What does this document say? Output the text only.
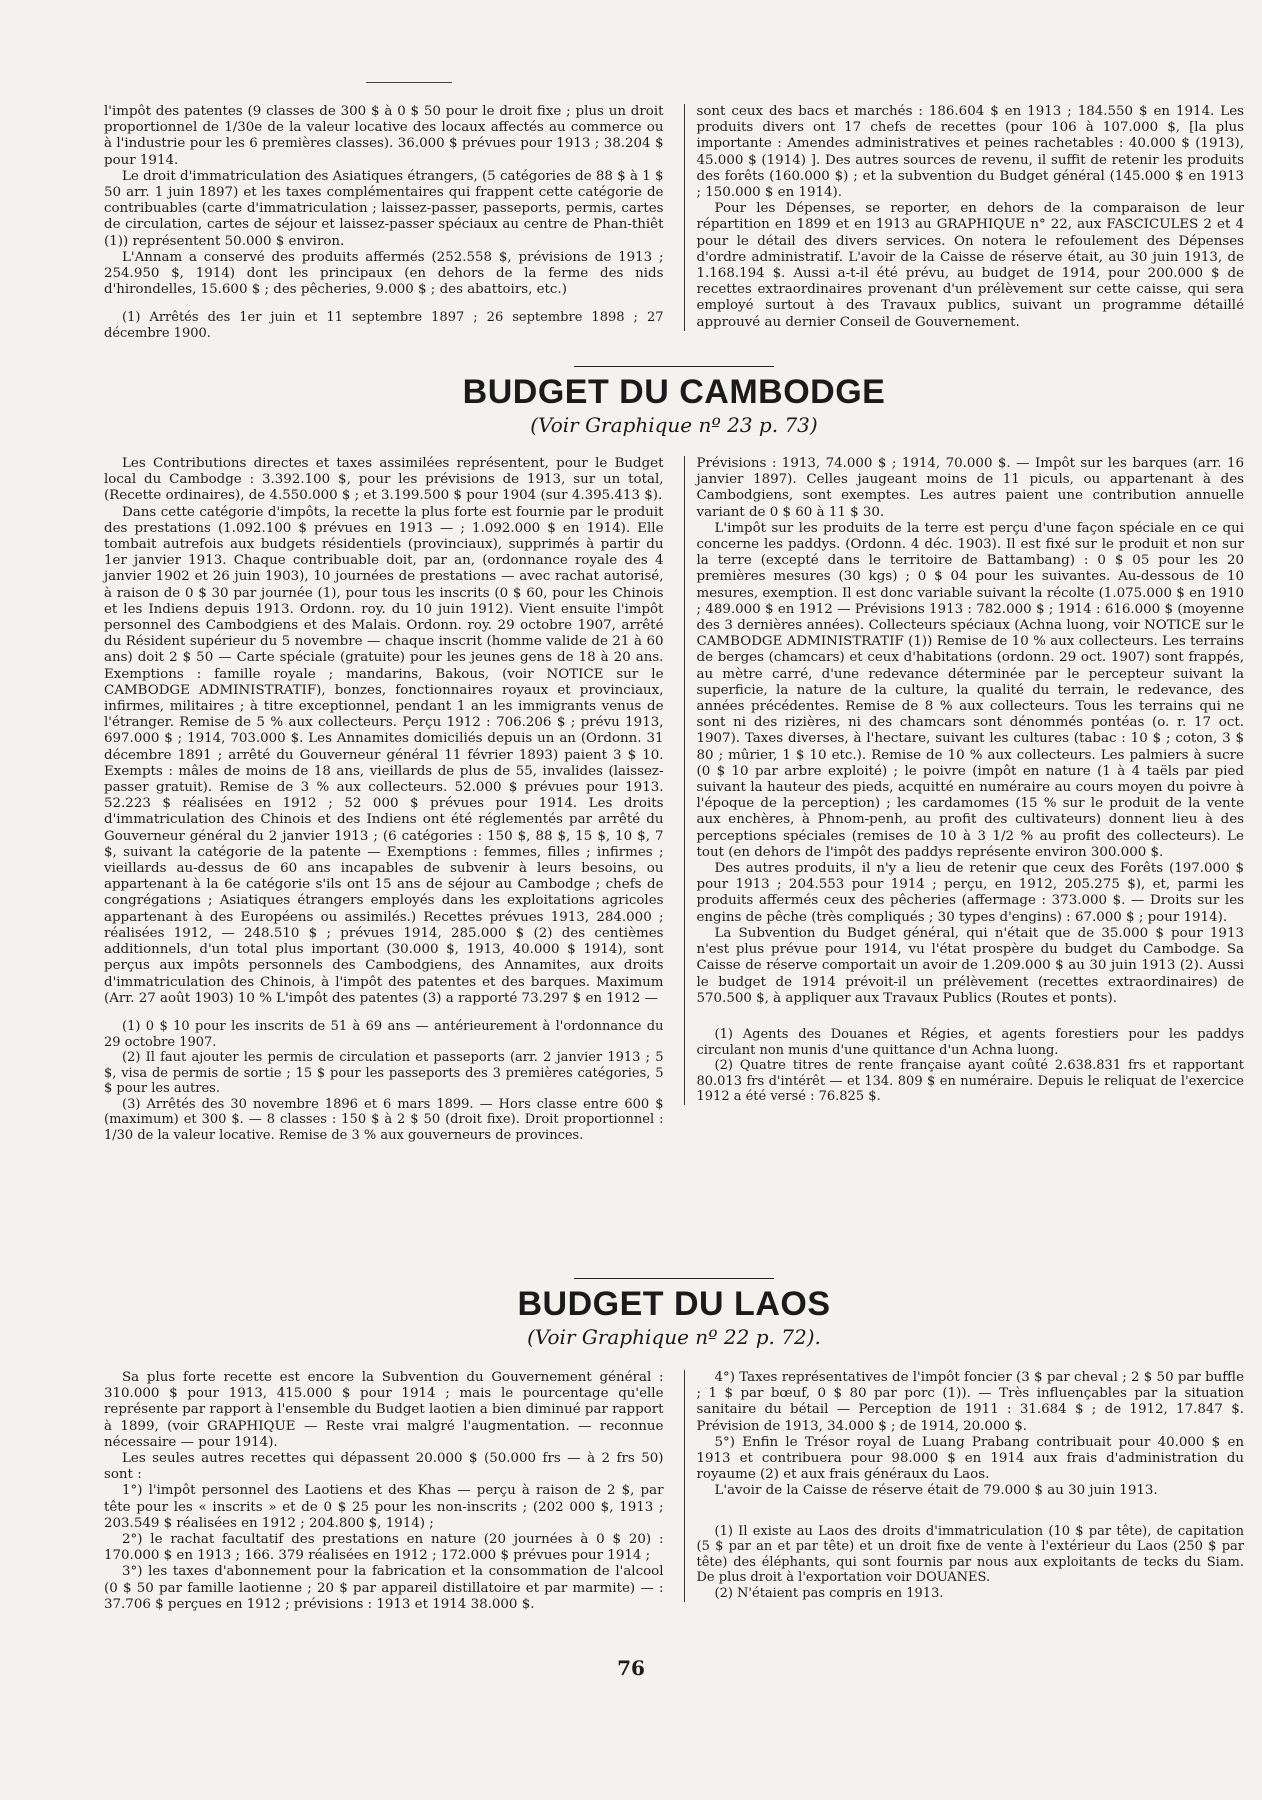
l'impôt des patentes (9 classes de 300 $ à 0 $ 50 pour le droit fixe ; plus un droit proportionnel de 1/30e de la valeur locative des locaux affectés au commerce ou à l'industrie pour les 6 premières classes). 36.000 $ prévues pour 1913 ; 38.204 $ pour 1914.

Le droit d'immatriculation des Asiatiques étrangers, (5 catégories de 88 $ à 1 $ 50 arr. 1 juin 1897) et les taxes complémentaires qui frappent cette catégorie de contribuables (carte d'immatriculation ; laissez-passer, passeports, permis, cartes de circulation, cartes de séjour et laissez-passer spéciaux au centre de Phan-thiêt (1)) représentent 50.000 $ environ.

L'Annam a conservé des produits affermés (252.558 $, prévisions de 1913 ; 254.950 $, 1914) dont les principaux (en dehors de la ferme des nids d'hirondelles, 15.600 $ ; des pêcheries, 9.000 $ ; des abattoirs, etc.)

(1) Arrêtés des 1er juin et 11 septembre 1897 ; 26 septembre 1898 ; 27 décembre 1900.

sont ceux des bacs et marchés : 186.604 $ en 1913 ; 184.550 $ en 1914. Les produits divers ont 17 chefs de recettes (pour 106 à 107.000 $, [la plus importante : Amendes administratives et peines rachetables : 40.000 $ (1913), 45.000 $ (1914) ]. Des autres sources de revenu, il suffit de retenir les produits des forêts (160.000 $) ; et la subvention du Budget général (145.000 $ en 1913 ; 150.000 $ en 1914).

Pour les Dépenses, se reporter, en dehors de la comparaison de leur répartition en 1899 et en 1913 au GRAPHIQUE n° 22, aux FASCICULES 2 et 4 pour le détail des divers services. On notera le refoulement des Dépenses d'ordre administratif. L'avoir de la Caisse de réserve était, au 30 juin 1913, de 1.168.194 $. Aussi a-t-il été prévu, au budget de 1914, pour 200.000 $ de recettes extraordinaires provenant d'un prélèvement sur cette caisse, qui sera employé surtout à des Travaux publics, suivant un programme détaillé approuvé au dernier Conseil de Gouvernement.

BUDGET DU CAMBODGE
(Voir Graphique nº 23 p. 73)

Les Contributions directes et taxes assimilées représentent, pour le Budget local du Cambodge : 3.392.100 $, pour les prévisions de 1913, sur un total, (Recette ordinaires), de 4.550.000 $ ; et 3.199.500 $ pour 1904 (sur 4.395.413 $).

Dans cette catégorie d'impôts, la recette la plus forte est fournie par le produit des prestations (1.092.100 $ prévues en 1913 — ; 1.092.000 $ en 1914). Elle tombait autrefois aux budgets résidentiels (provinciaux), supprimés à partir du 1er janvier 1913. Chaque contribuable doit, par an, (ordonnance royale des 4 janvier 1902 et 26 juin 1903), 10 journées de prestations — avec rachat autorisé, à raison de 0 $ 30 par journée (1), pour tous les inscrits (0 $ 60, pour les Chinois et les Indiens depuis 1913. Ordonn. roy. du 10 juin 1912). Vient ensuite l'impôt personnel des Cambodgiens et des Malais. Ordonn. roy. 29 octobre 1907, arrêté du Résident supérieur du 5 novembre — chaque inscrit (homme valide de 21 à 60 ans) doit 2 $ 50 — Carte spéciale (gratuite) pour les jeunes gens de 18 à 20 ans. Exemptions : famille royale ; mandarins, Bakous, (voir NOTICE sur le CAMBODGE ADMINISTRATIF), bonzes, fonctionnaires royaux et provinciaux, infirmes, militaires ; à titre exceptionnel, pendant 1 an les immigrants venus de l'étranger. Remise de 5 % aux collecteurs. Perçu 1912 : 706.206 $ ; prévu 1913, 697.000 $ ; 1914, 703.000 $. Les Annamites domiciliés depuis un an (Ordonn. 31 décembre 1891 ; arrêté du Gouverneur général 11 février 1893) paient 3 $ 10. Exempts : mâles de moins de 18 ans, vieillards de plus de 55, invalides (laissez-passer gratuit). Remise de 3 % aux collecteurs. 52.000 $ prévues pour 1913. 52.223 $ réalisées en 1912 ; 52 000 $ prévues pour 1914. Les droits d'immatriculation des Chinois et des Indiens ont été réglementés par arrêté du Gouverneur général du 2 janvier 1913 ; (6 catégories : 150 $, 88 $, 15 $, 10 $, 7 $, suivant la catégorie de la patente — Exemptions : femmes, filles ; infirmes ; vieillards au-dessus de 60 ans incapables de subvenir à leurs besoins, ou appartenant à la 6e catégorie s'ils ont 15 ans de séjour au Cambodge ; chefs de congrégations ; Asiatiques étrangers employés dans les exploitations agricoles appartenant à des Européens ou assimilés.) Recettes prévues 1913, 284.000 ; réalisées 1912, — 248.510 $ ; prévues 1914, 285.000 $ (2) des centièmes additionnels, d'un total plus important (30.000 $, 1913, 40.000 $ 1914), sont perçus aux impôts personnels des Cambodgiens, des Annamites, aux droits d'immatriculation des Chinois, à l'impôt des patentes et des barques. Maximum (Arr. 27 août 1903) 10 % L'impôt des patentes (3) a rapporté 73.297 $ en 1912 —

(1) 0 $ 10 pour les inscrits de 51 à 69 ans — antérieurement à l'ordonnance du 29 octobre 1907.

(2) Il faut ajouter les permis de circulation et passeports (arr. 2 janvier 1913 ; 5 $, visa de permis de sortie ; 15 $ pour les passeports des 3 premières catégories, 5 $ pour les autres.

(3) Arrêtés des 30 novembre 1896 et 6 mars 1899. — Hors classe entre 600 $ (maximum) et 300 $. — 8 classes : 150 $ à 2 $ 50 (droit fixe). Droit proportionnel : 1/30 de la valeur locative. Remise de 3 % aux gouverneurs de provinces.

Prévisions : 1913, 74.000 $ ; 1914, 70.000 $. — Impôt sur les barques (arr. 16 janvier 1897). Celles jaugeant moins de 11 piculs, ou appartenant à des Cambodgiens, sont exemptes. Les autres paient une contribution annuelle variant de 0 $ 60 à 11 $ 30.

L'impôt sur les produits de la terre est perçu d'une façon spéciale en ce qui concerne les paddys. (Ordonn. 4 déc. 1903). Il est fixé sur le produit et non sur la terre (excepté dans le territoire de Battambang) : 0 $ 05 pour les 20 premières mesures (30 kgs) ; 0 $ 04 pour les suivantes. Au-dessous de 10 mesures, exemption. Il est donc variable suivant la récolte (1.075.000 $ en 1910 ; 489.000 $ en 1912 — Prévisions 1913 : 782.000 $ ; 1914 : 616.000 $ (moyenne des 3 dernières années). Collecteurs spéciaux (Achna luong, voir NOTICE sur le CAMBODGE ADMINISTRATIF (1)) Remise de 10 % aux collecteurs. Les terrains de berges (chamcars) et ceux d'habitations (ordonn. 29 oct. 1907) sont frappés, au mètre carré, d'une redevance déterminée par le percepteur suivant la superficie, la nature de la culture, la qualité du terrain, le redevance, des années précédentes. Remise de 8 % aux collecteurs. Tous les terrains qui ne sont ni des rizières, ni des chamcars sont dénommés pontéas (o. r. 17 oct. 1907). Taxes diverses, à l'hectare, suivant les cultures (tabac : 10 $ ; coton, 3 $ 80 ; mûrier, 1 $ 10 etc.). Remise de 10 % aux collecteurs. Les palmiers à sucre (0 $ 10 par arbre exploité) ; le poivre (impôt en nature (1 à 4 taëls par pied suivant la hauteur des pieds, acquitté en numéraire au cours moyen du poivre à l'époque de la perception) ; les cardamomes (15 % sur le produit de la vente aux enchères, à Phnom-penh, au profit des cultivateurs) donnent lieu à des perceptions spéciales (remises de 10 à 3 1/2 % au profit des collecteurs). Le tout (en dehors de l'impôt des paddys représente environ 300.000 $.

Des autres produits, il n'y a lieu de retenir que ceux des Forêts (197.000 $ pour 1913 ; 204.553 pour 1914 ; perçu, en 1912, 205.275 $), et, parmi les produits affermés ceux des pêcheries (affermage : 373.000 $. — Droits sur les engins de pêche (très compliqués ; 30 types d'engins) : 67.000 $ ; pour 1914).

La Subvention du Budget général, qui n'était que de 35.000 $ pour 1913 n'est plus prévue pour 1914, vu l'état prospère du budget du Cambodge. Sa Caisse de réserve comportait un avoir de 1.209.000 $ au 30 juin 1913 (2). Aussi le budget de 1914 prévoit-il un prélèvement (recettes extraordinaires) de 570.500 $, à appliquer aux Travaux Publics (Routes et ponts).

(1) Agents des Douanes et Régies, et agents forestiers pour les paddys circulant non munis d'une quittance d'un Achna luong.

(2) Quatre titres de rente française ayant coûté 2.638.831 frs et rapportant 80.013 frs d'intérêt — et 134. 809 $ en numéraire. Depuis le reliquat de l'exercice 1912 a été versé : 76.825 $.

BUDGET DU LAOS
(Voir Graphique nº 22 p. 72).

Sa plus forte recette est encore la Subvention du Gouvernement général : 310.000 $ pour 1913, 415.000 $ pour 1914 ; mais le pourcentage qu'elle représente par rapport à l'ensemble du Budget laotien a bien diminué par rapport à 1899, (voir GRAPHIQUE — Reste vrai malgré l'augmentation. — reconnue nécessaire — pour 1914).

Les seules autres recettes qui dépassent 20.000 $ (50.000 frs — à 2 frs 50) sont :

1°) l'impôt personnel des Laotiens et des Khas — perçu à raison de 2 $, par tête pour les « inscrits » et de 0 $ 25 pour les non-inscrits ; (202 000 $, 1913 ; 203.549 $ réalisées en 1912 ; 204.800 $, 1914) ;

2°) le rachat facultatif des prestations en nature (20 journées à 0 $ 20) : 170.000 $ en 1913 ; 166. 379 réalisées en 1912 ; 172.000 $ prévues pour 1914 ;

3°) les taxes d'abonnement pour la fabrication et la consommation de l'alcool (0 $ 50 par famille laotienne ; 20 $ par appareil distillatoire et par marmite) — : 37.706 $ perçues en 1912 ; prévisions : 1913 et 1914 38.000 $.

4°) Taxes représentatives de l'impôt foncier (3 $ par cheval ; 2 $ 50 par buffle ; 1 $ par bœuf, 0 $ 80 par porc (1)). — Très influençables par la situation sanitaire du bétail — Perception de 1911 : 31.684 $ ; de 1912, 17.847 $. Prévision de 1913, 34.000 $ ; de 1914, 20.000 $.

5°) Enfin le Trésor royal de Luang Prabang contribuait pour 40.000 $ en 1913 et contribuera pour 98.000 $ en 1914 aux frais d'administration du royaume (2) et aux frais généraux du Laos.

L'avoir de la Caisse de réserve était de 79.000 $ au 30 juin 1913.

(1) Il existe au Laos des droits d'immatriculation (10 $ par tête), de capitation (5 $ par an et par tête) et un droit fixe de vente à l'extérieur du Laos (250 $ par tête) des éléphants, qui sont fournis par nous aux exploitants de tecks du Siam. De plus droit à l'exportation voir DOUANES.

(2) N'étaient pas compris en 1913.

76
